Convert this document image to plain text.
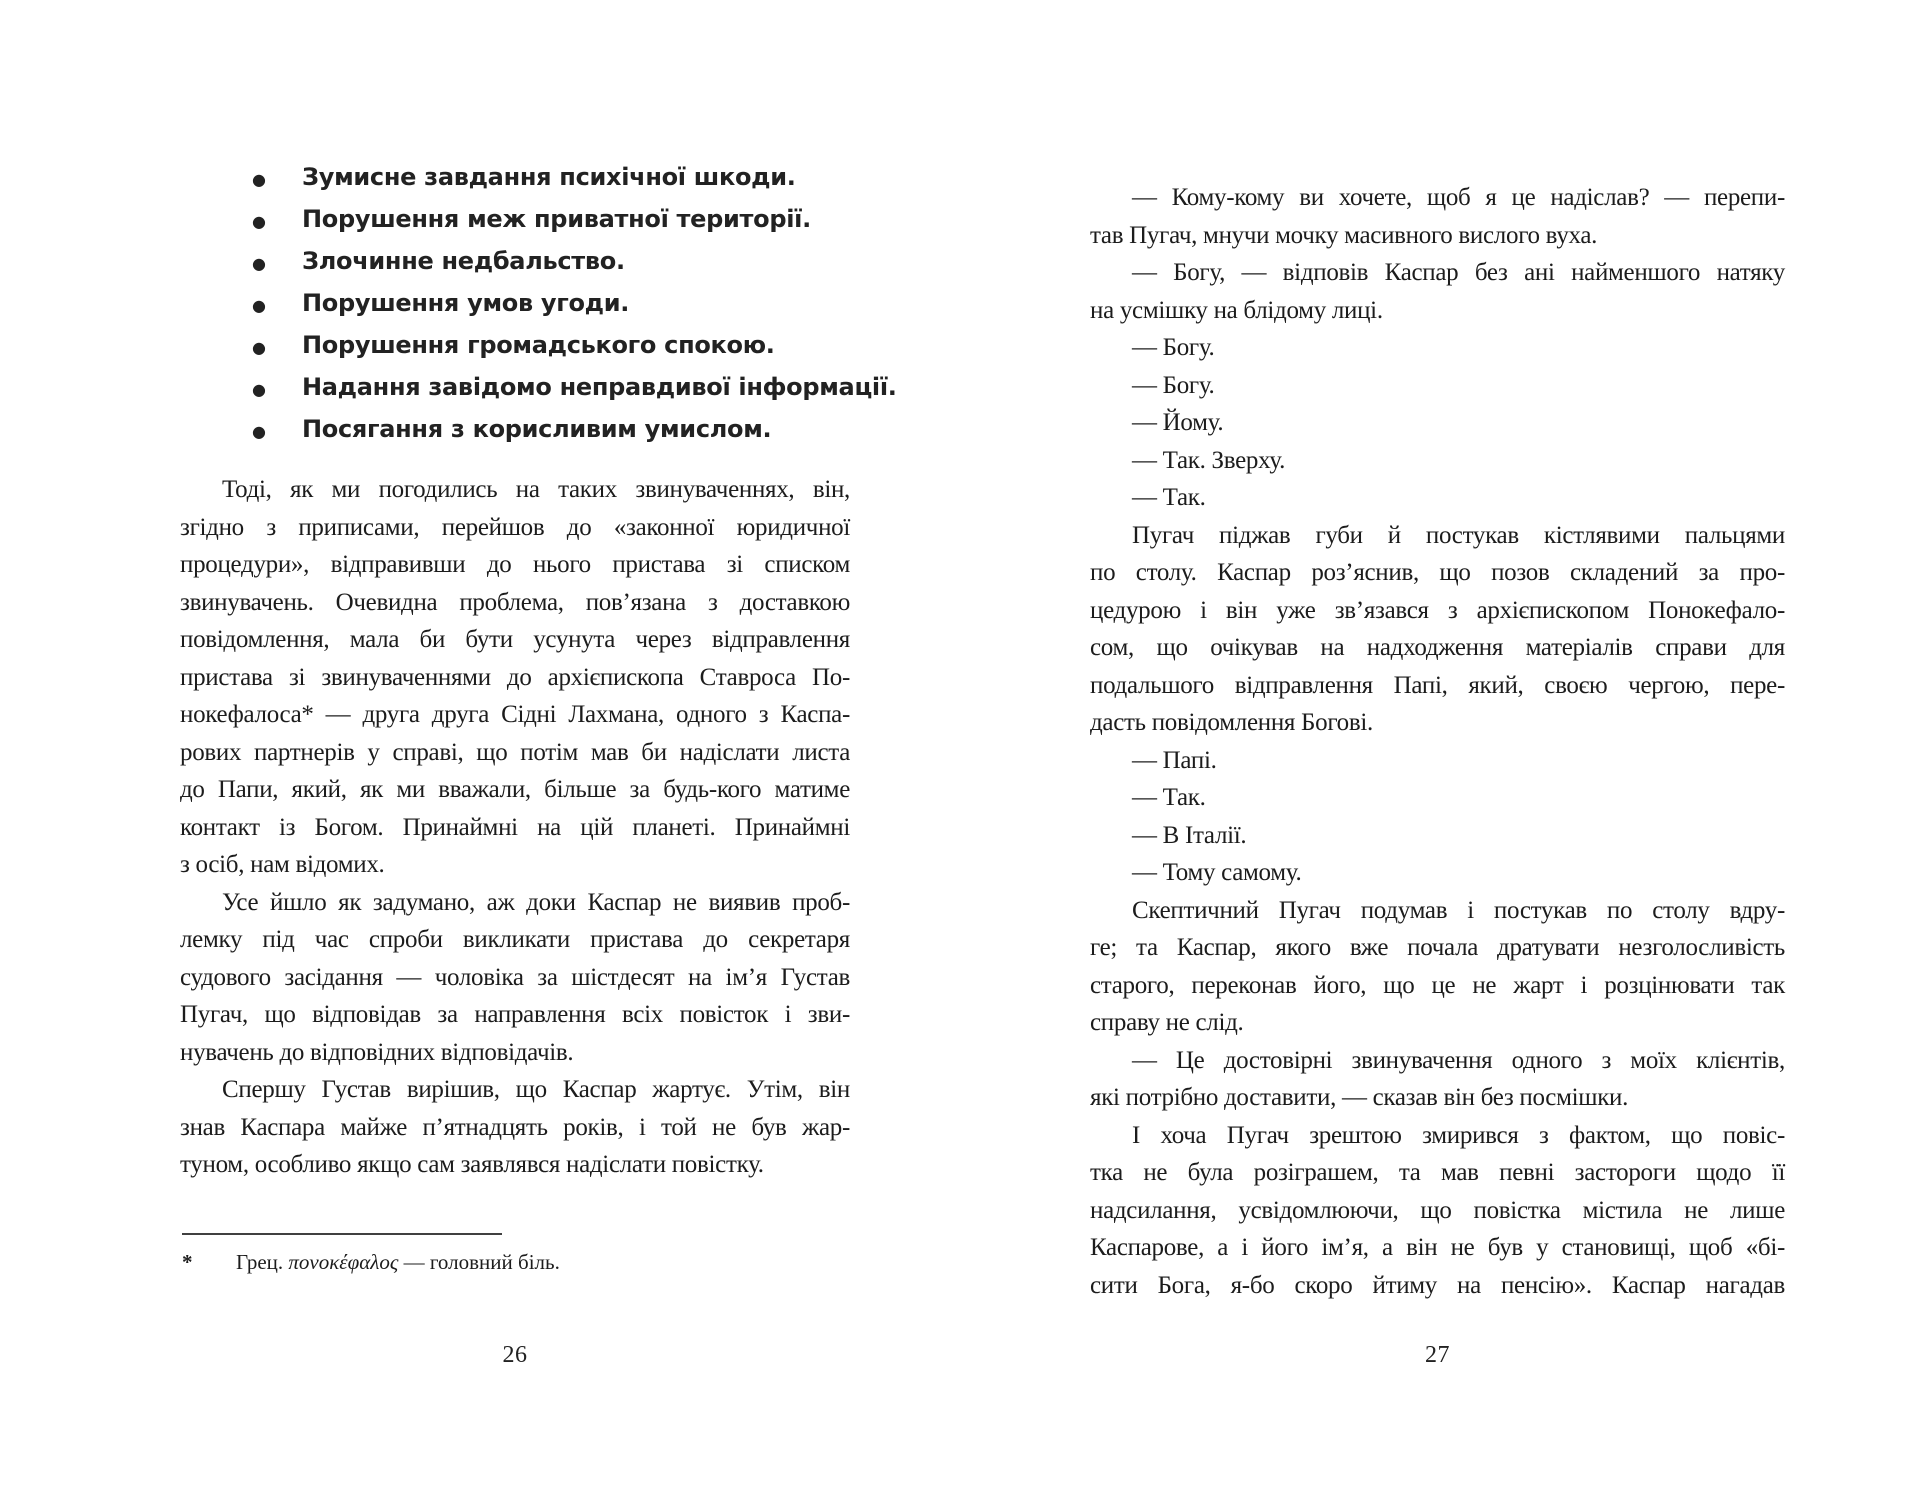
●	Зумисне завдання психічної шкоди.
●	Порушення меж приватної території.
●	Злочинне недбальство.
●	Порушення умов угоди.
●	Порушення громадського спокою.
●	Надання завідомо неправдивої інформації.
●	Посягання з корисливим умислом.
Тоді, як ми погодились на таких звинуваченнях, він,
згідно з приписами, перейшов до «законної юридичної
процедури», відправивши до нього пристава зі списком
звинувачень. Очевидна проблема, пов’язана з доставкою
повідомлення, мала би бути усунута через відправлення
пристава зі звинуваченнями до архієпископа Ставроса По-
нокефалоса* — друга друга Сідні Лахмана, одного з Каспа-
рових партнерів у справі, що потім мав би надіслати листа
до Папи, який, як ми вважали, більше за будь-кого матиме
контакт із Богом. Принаймні на цій планеті. Принаймні
з осіб, нам відомих.
Усе йшло як задумано, аж доки Каспар не виявив проб-
лемку під час спроби викликати пристава до секретаря
судового засідання — чоловіка за шістдесят на ім’я Густав
Пугач, що відповідав за направлення всіх повісток і зви-
нувачень до відповідних відповідачів.
Спершу Густав вирішив, що Каспар жартує. Утім, він
знав Каспара майже п’ятнадцять років, і той не був жар-
туном, особливо якщо сам заявлявся надіслати повістку.
*	Грец. πονοκέφαλος — головний біль.
26
— Кому-кому ви хочете, щоб я це надіслав? — перепи-
тав Пугач, мнучи мочку масивного вислого вуха.
— Богу, — відповів Каспар без ані найменшого натяку
на усмішку на блідому лиці.
— Богу.
— Богу.
— Йому.
— Так. Зверху.
— Так.
Пугач піджав губи й постукав кістлявими пальцями
по столу. Каспар роз’яснив, що позов складений за про-
цедурою і він уже зв’язався з архієпископом Понокефало-
сом, що очікував на надходження матеріалів справи для
подальшого відправлення Папі, який, своєю чергою, пере-
дасть повідомлення Богові.
— Папі.
— Так.
— В Італії.
— Тому самому.
Скептичний Пугач подумав і постукав по столу вдру-
ге; та Каспар, якого вже почала дратувати незголосливість
старого, переконав його, що це не жарт і розцінювати так
справу не слід.
— Це достовірні звинувачення одного з моїх клієнтів,
які потрібно доставити, — сказав він без посмішки.
І хоча Пугач зрештою змирився з фактом, що повіс-
тка не була розіграшем, та мав певні застороги щодо її
надсилання, усвідомлюючи, що повістка містила не лише
Каспарове, а і його ім’я, а він не був у становищі, щоб «бі-
сити Бога, я-бо скоро йтиму на пенсію». Каспар нагадав
27
